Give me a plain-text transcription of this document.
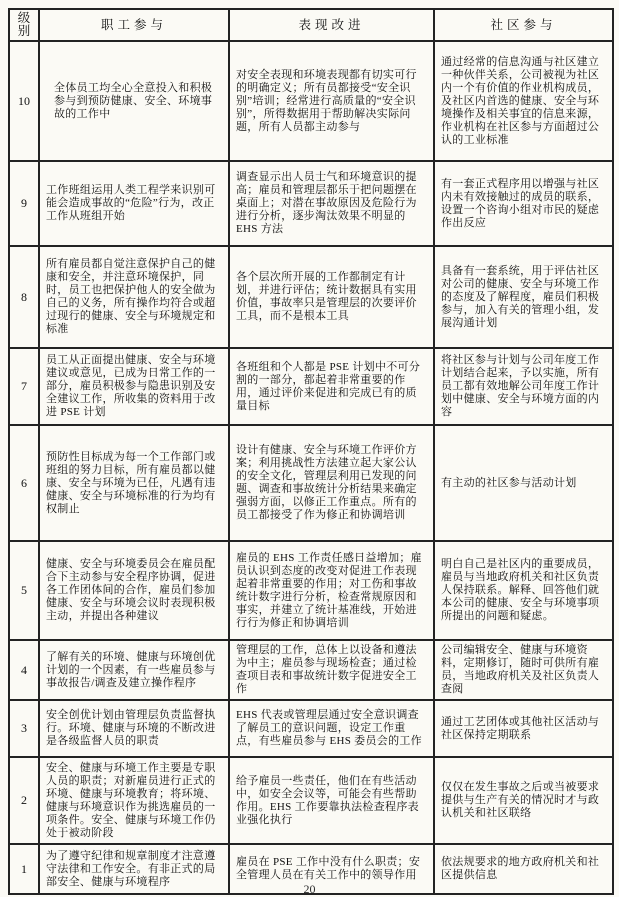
级别	职工参与	表现改进	社区参与
10	全体员工均全心全意投入和积极参与到预防健康、安全、环境事故的工作中	对安全表现和环境表现都有切实可行的明确定义；所有员都接受“安全识别”培训；经常进行高质量的“安全识别”，所得数据用于帮助解决实际问题，所有人员都主动参与	通过经常的信息沟通与社区建立一种伙伴关系，公司被视为社区内一个有价值的作业机构成员，及社区内首选的健康、安全与环境操作及相关事宜的信息来源，作业机构在社区参与方面超过公认的工业标准
9	工作班组运用人类工程学来识别可能会造成事故的“危险”行为，改正工作从班组开始	调查显示出人员士气和环境意识的提高；雇员和管理层都乐于把问题摆在桌面上；对潜在事故原因及危险行为进行分析，逐步淘汰效果不明显的 EHS 方法	有一套正式程序用以增强与社区内未有效接触过的成员的联系，设置一个咨询小组对市民的疑虑作出反应
8	所有雇员都自觉注意保护自己的健康和安全，并注意环境保护，同时，员工也把保护他人的安全做为自己的义务，所有操作均符合或超过现行的健康、安全与环境规定和标准	各个层次所开展的工作都制定有计划，并进行评估；统计数据具有实用价值，事故率只是管理层的次要评价工具，而不是根本工具	具备有一套系统，用于评估社区对公司的健康、安全与环境工作的态度及了解程度，雇员们积极参与，加入有关的管理小组，发展沟通计划
7	员工从正面提出健康、安全与环境建议或意见，已成为日常工作的一部分，雇员积极参与隐患识别及安全建议工作，所收集的资料用于改进 PSE 计划	各班组和个人都是 PSE 计划中不可分割的一部分，都起着非常重要的作用，通过评价来促进和完成已有的质量目标	将社区参与计划与公司年度工作计划结合起来，予以实施，所有员工都有效地解公司年度工作计划中健康、安全与环境方面的内容
6	预防性目标成为每一个工作部门或班组的努力目标，所有雇员都以健康、安全与环境为已任，凡遇有违健康、安全与环境标准的行为均有权制止	设计有健康、安全与环境工作评价方案；利用挑战性方法建立起大家公认的安全文化，管理层利用已发现的问题、调查和事故统计分析结果来确定强弱方面，以修正工作重点。所有的员工都接受了作为修正和协调培训	有主动的社区参与活动计划
5	健康、安全与环境委员会在雇员配合下主动参与安全程序协调，促进各工作团体间的合作，雇员们参加健康、安全与环境会议时表现积极主动，并提出各种建议	雇员的 EHS 工作责任感日益增加；雇员认识到态度的改变对促进工作表现起着非常重要的作用；对工伤和事故统计数字进行分析，检查常规原因和事实，并建立了统计基准线，开始进行行为修正和协调培训	明白自己是社区内的重要成员，雇员与当地政府机关和社区负责人保持联系。解释、回答他们就本公司的健康、安全与环境事项所提出的问题和疑虑。
4	了解有关的环境、健康与环境创优计划的一个因素，有一些雇员参与事故报告/调查及建立操作程序	管理层的工作，总体上以设备和遵法为中主；雇员参与现场检查；通过检查项目表和事故统计数字促进安全工作	公司编辑安全、健康与环境资料，定期修订，随时可供所有雇员，当地政府机关及社区负责人查阅
3	安全创优计划由管理层负责监督执行。环境、健康与环境的不断改进是各级监督人员的职责	EHS 代表或管理层通过安全意识调查了解员工的意识问题，设定工作重点，有些雇员参与 EHS 委员会的工作	通过工艺团体或其他社区活动与社区保持定期联系
2	安全、健康与环境工作主要是专职人员的职责；对新雇员进行正式的环境、健康与环境教育；将环境、健康与环境意识作为挑选雇员的一项条件。安全、健康与环境工作仍处于被动阶段	给予雇员一些责任，他们在有些活动中，如安全会议等，可能会有些帮助作用。EHS 工作要靠执法检查程序表业强化执行	仅仅在发生事故之后或当被要求提供与生产有关的情况时才与政认机关和社区联络
1	为了遵守纪律和规章制度才注意遵守法律和工作安全。有非正式的局部安全、健康与环境程序	雇员在 PSE 工作中没有什么职责；安全管理人员在有关工作中的领导作用	依法规要求的地方政府机关和社区提供信息
20
